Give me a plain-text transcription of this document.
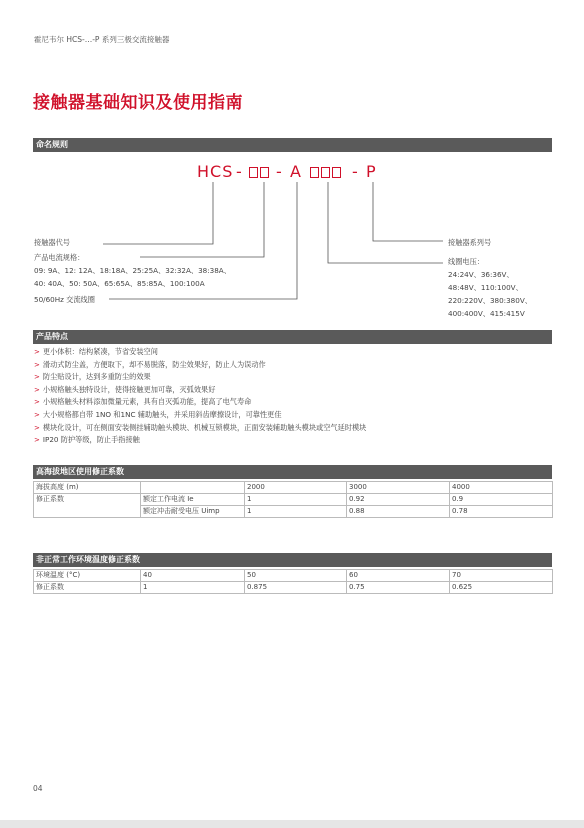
霍尼韦尔 HCS-…-P 系列三极交流接触器
接触器基础知识及使用指南
命名规则
HCS - - A	- P
接触器代号
产品电流规格：
09: 9A、12: 12A、18:18A、25:25A、32:32A、38:38A、
40: 40A、50: 50A、65:65A、85:85A、100:100A
50/60Hz 交流线圈
接触器系列号
线圈电压：
24:24V、36:36V、
48:48V、110:100V、
220:220V、380:380V、
400:400V、415:415V
产品特点
> 更小体积：结构紧凑，节省安装空间
> 滑动式防尘盖，方便取下，却不易脱落，防尘效果好，防止人为误动作
> 防尘贴设计，达到多重防尘的效果
> 小规格触头独特设计，使得接触更加可靠，灭弧效果好
> 小规格触头材料添加微量元素，具有自灭弧功能，提高了电气寿命
> 大小规格都自带 1NO 和1NC 辅助触头，并采用斜齿摩擦设计，可靠性更佳
> 模块化设计，可在侧面安装侧挂辅助触头模块、机械互锁模块，正面安装辅助触头模块或空气延时模块
> IP20 防护等级，防止手指接触
高海拔地区使用修正系数
海拔高度 (m)		2000	3000	4000
修正系数	额定工作电流 Ie	1	0.92	0.9
	额定冲击耐受电压 Uimp	1	0.88	0.78
非正常工作环境温度修正系数
环境温度 (°C)	40	50	60	70
修正系数	1	0.875	0.75	0.625
04
